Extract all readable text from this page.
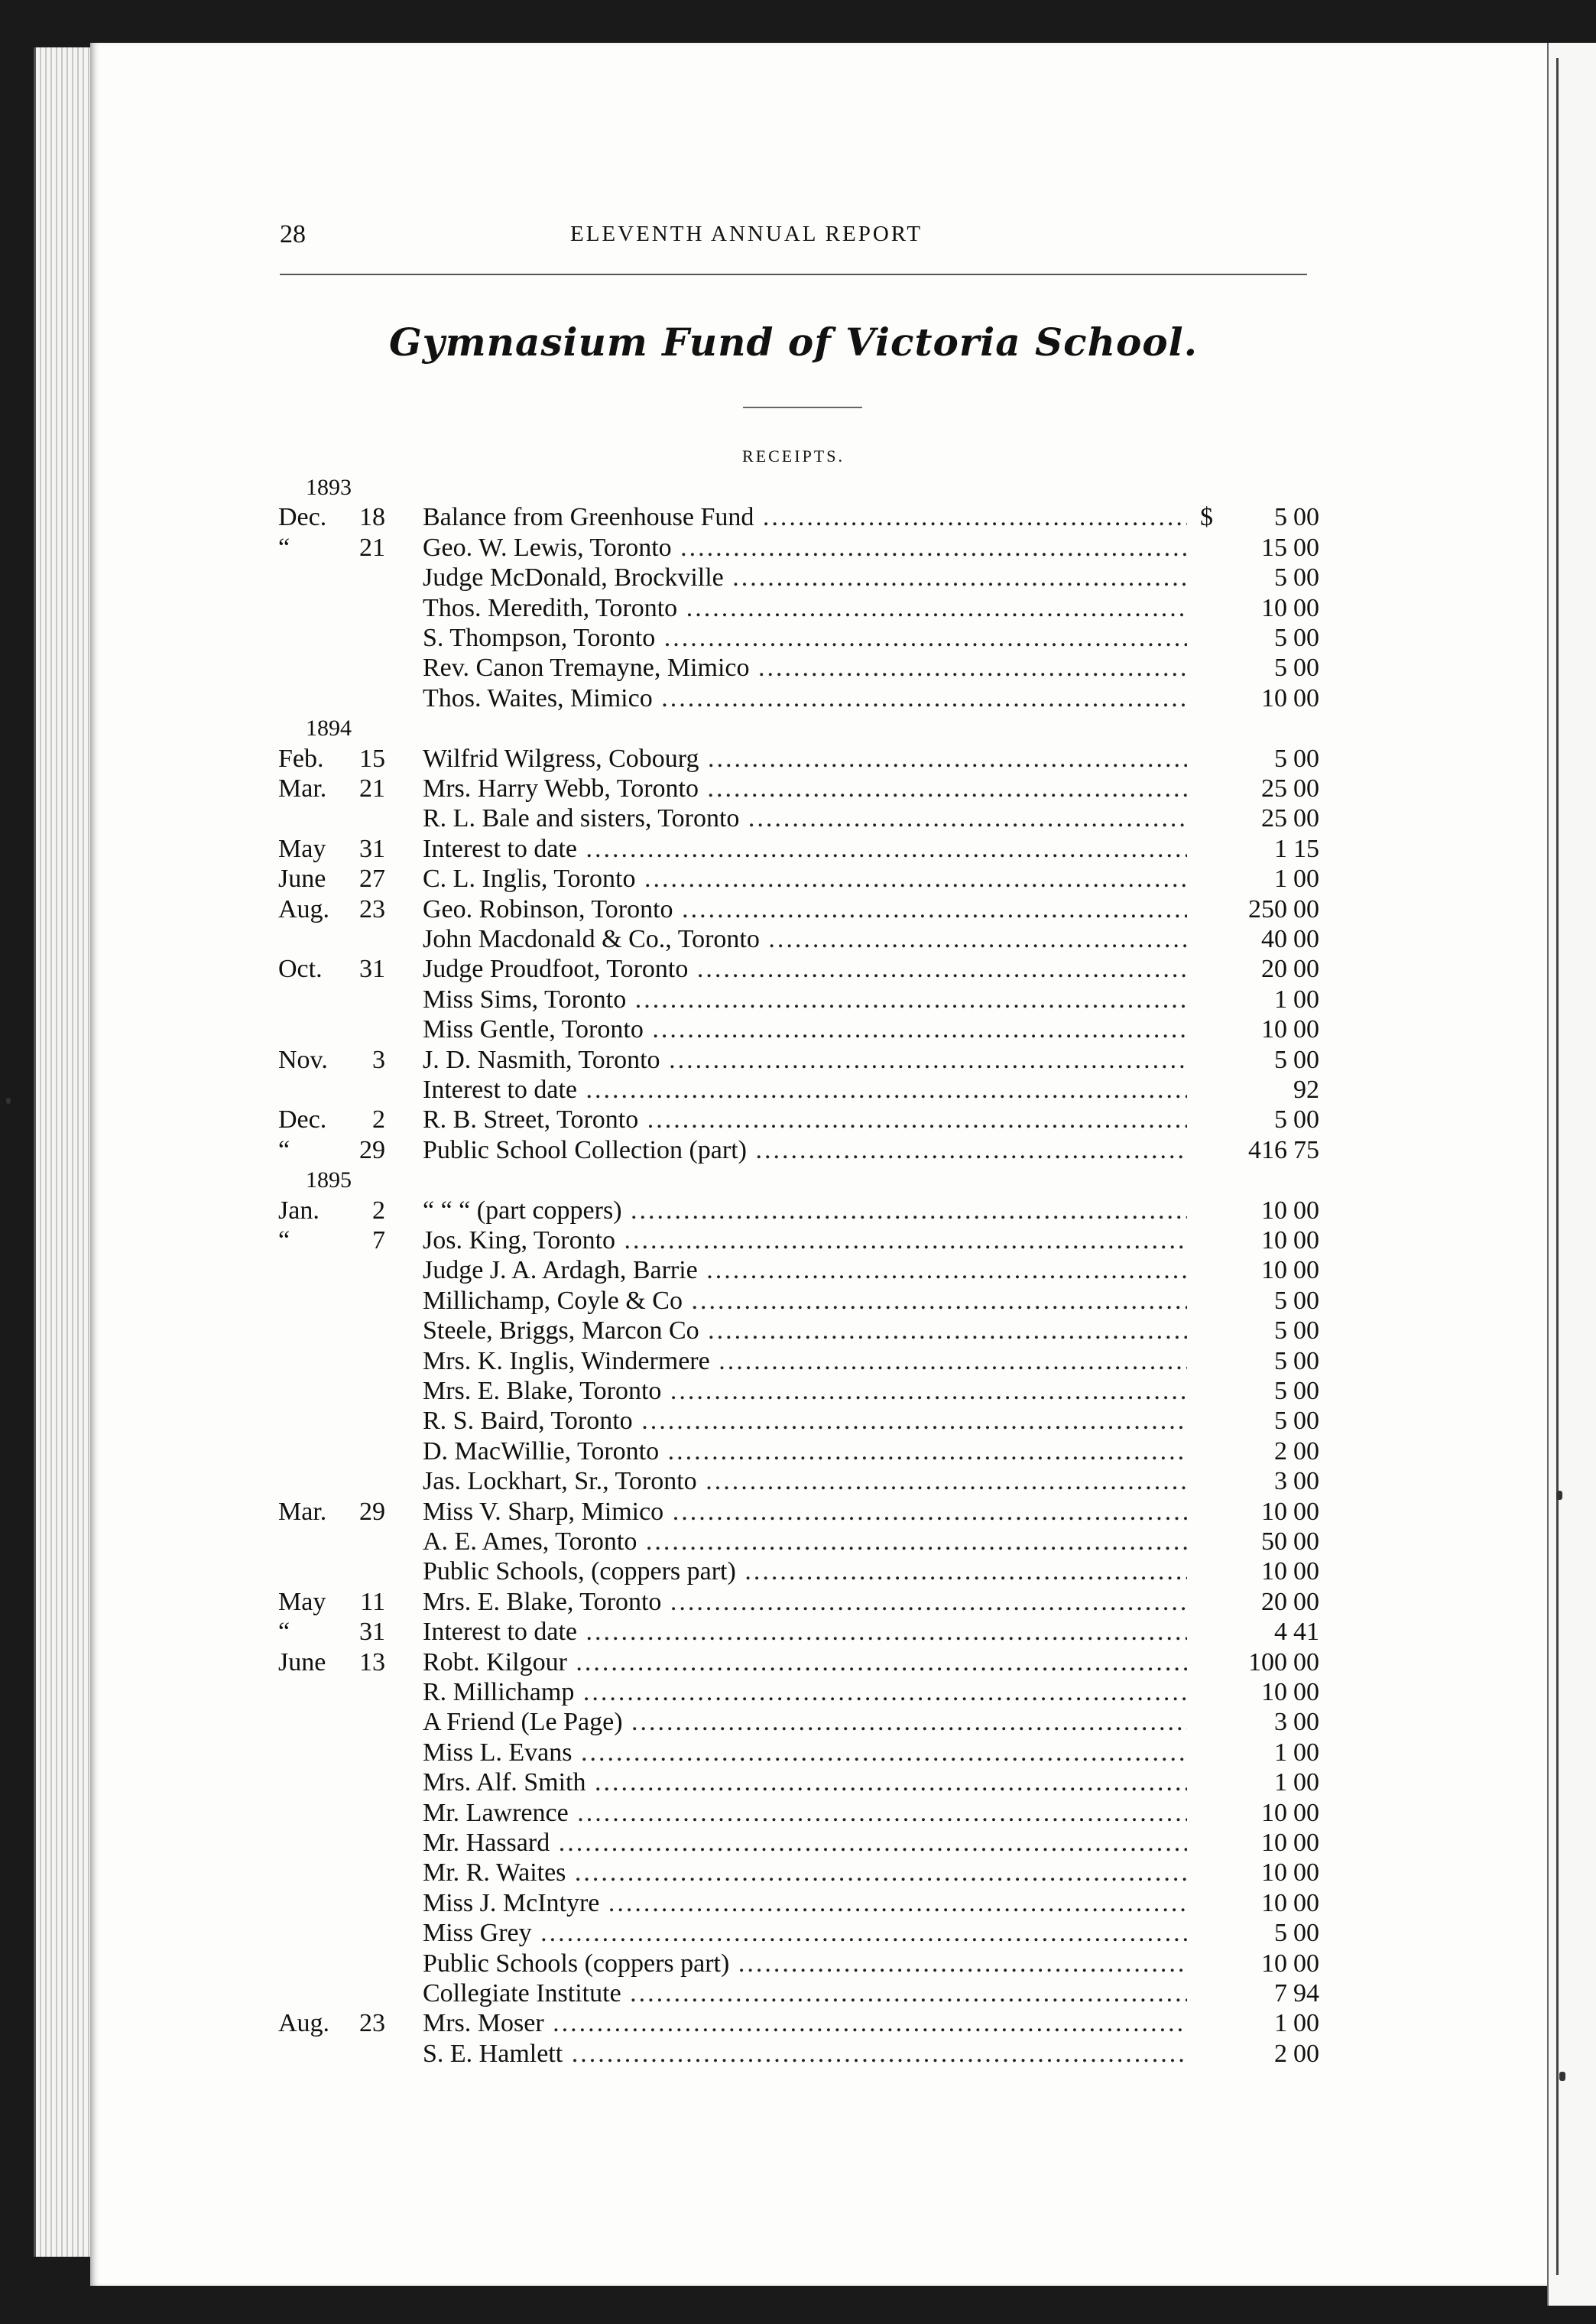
28	ELEVENTH ANNUAL REPORT
Gymnasium Fund of Victoria School.
RECEIPTS.
1893
Dec.	18 Balance from Greenhouse Fund .....	$	5 00
“	21 Geo. W. Lewis, Toronto .....	15 00
Judge McDonald, Brockville .....	5 00
Thos. Meredith, Toronto .....	10 00
S. Thompson, Toronto .....	5 00
Rev. Canon Tremayne, Mimico .....	5 00
Thos. Waites, Mimico .....	10 00
1894
Feb.	15 Wilfrid Wilgress, Cobourg .....	5 00
Mar.	21 Mrs. Harry Webb, Toronto .....	25 00
R. L. Bale and sisters, Toronto .....	25 00
May	31 Interest to date .....	1 15
June	27 C. L. Inglis, Toronto .....	1 00
Aug.	23 Geo. Robinson, Toronto .....	250 00
John Macdonald & Co., Toronto .....	40 00
Oct.	31 Judge Proudfoot, Toronto .....	20 00
Miss Sims, Toronto .....	1 00
Miss Gentle, Toronto .....	10 00
Nov.	3 J. D. Nasmith, Toronto .....	5 00
Interest to date .....	92
Dec.	2 R. B. Street, Toronto .....	5 00
“	29 Public School Collection (part) .....	416 75
1895
Jan.	2 “ “ “ (part coppers) .....	10 00
“	7 Jos. King, Toronto .....	10 00
Judge J. A. Ardagh, Barrie .....	10 00
Millichamp, Coyle & Co .....	5 00
Steele, Briggs, Marcon Co .....	5 00
Mrs. K. Inglis, Windermere .....	5 00
Mrs. E. Blake, Toronto .....	5 00
R. S. Baird, Toronto .....	5 00
D. MacWillie, Toronto .....	2 00
Jas. Lockhart, Sr., Toronto .....	3 00
Mar.	29 Miss V. Sharp, Mimico .....	10 00
A. E. Ames, Toronto .....	50 00
Public Schools, (coppers part) .....	10 00
May	11 Mrs. E. Blake, Toronto .....	20 00
“	31 Interest to date .....	4 41
June	13 Robt. Kilgour .....	100 00
R. Millichamp .....	10 00
A Friend (Le Page) .....	3 00
Miss L. Evans .....	1 00
Mrs. Alf. Smith .....	1 00
Mr. Lawrence .....	10 00
Mr. Hassard .....	10 00
Mr. R. Waites .....	10 00
Miss J. McIntyre .....	10 00
Miss Grey .....	5 00
Public Schools (coppers part) .....	10 00
Collegiate Institute .....	7 94
Aug.	23 Mrs. Moser .....	1 00
S. E. Hamlett .....	2 00
